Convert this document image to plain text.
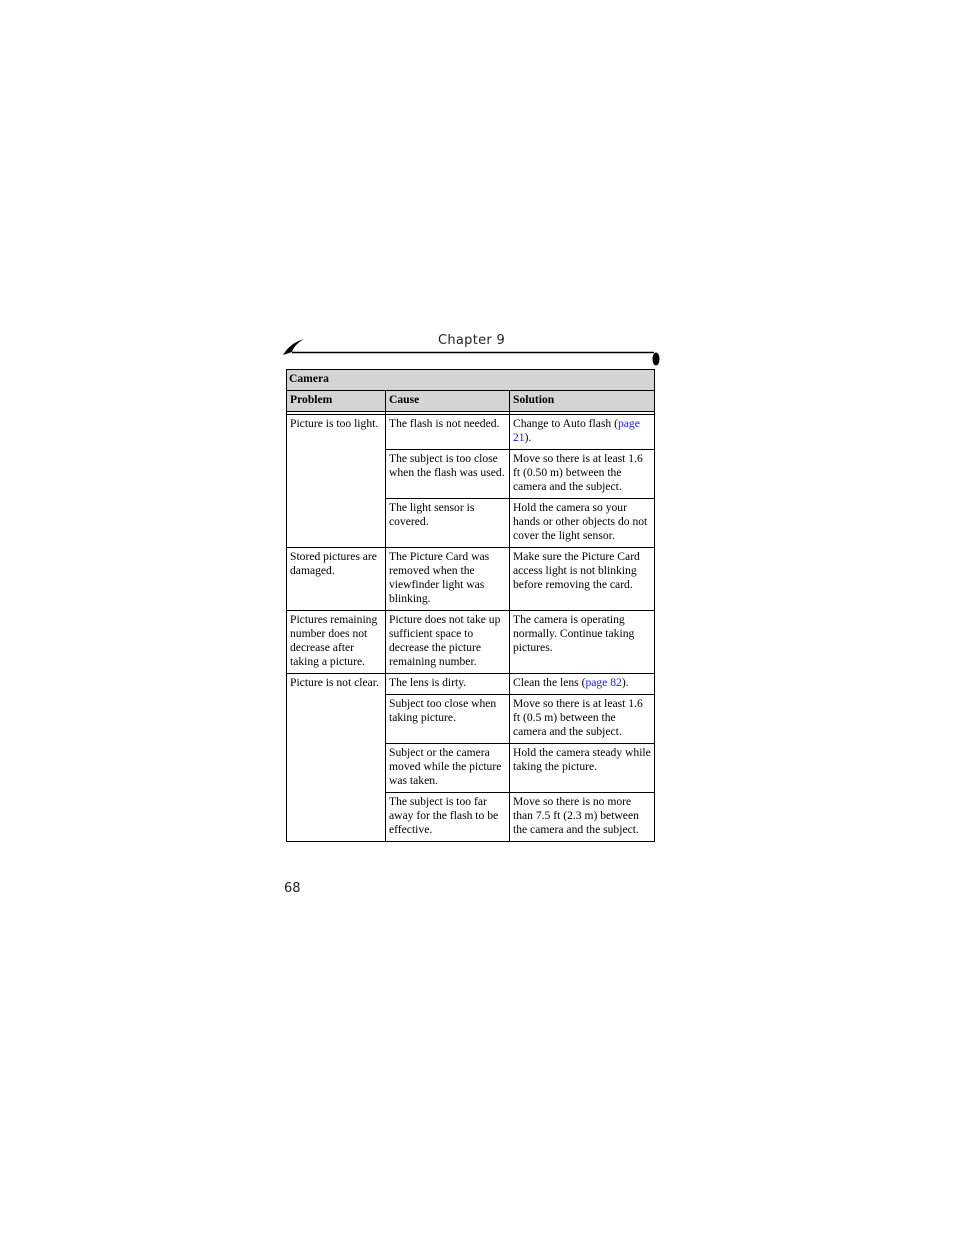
Chapter 9
Camera		
Problem	Cause	Solution

Picture is too light.	The flash is not needed.	Change to Auto flash (page 21).
	The subject is too close when the flash was used.	Move so there is at least 1.6 ft (0.50 m) between the camera and the subject.
	The light sensor is covered.	Hold the camera so your hands or other objects do not cover the light sensor.
Stored pictures are damaged.	The Picture Card was removed when the viewfinder light was blinking.	Make sure the Picture Card access light is not blinking before removing the card.
Pictures remaining number does not decrease after taking a picture.	Picture does not take up sufficient space to decrease the picture remaining number.	The camera is operating normally. Continue taking pictures.
Picture is not clear.	The lens is dirty.	Clean the lens (page 82).
	Subject too close when taking picture.	Move so there is at least 1.6 ft (0.5 m) between the camera and the subject.
	Subject or the camera moved while the picture was taken.	Hold the camera steady while taking the picture.
	The subject is too far away for the flash to be effective.	Move so there is no more than 7.5 ft (2.3 m) between the camera and the subject.
68
